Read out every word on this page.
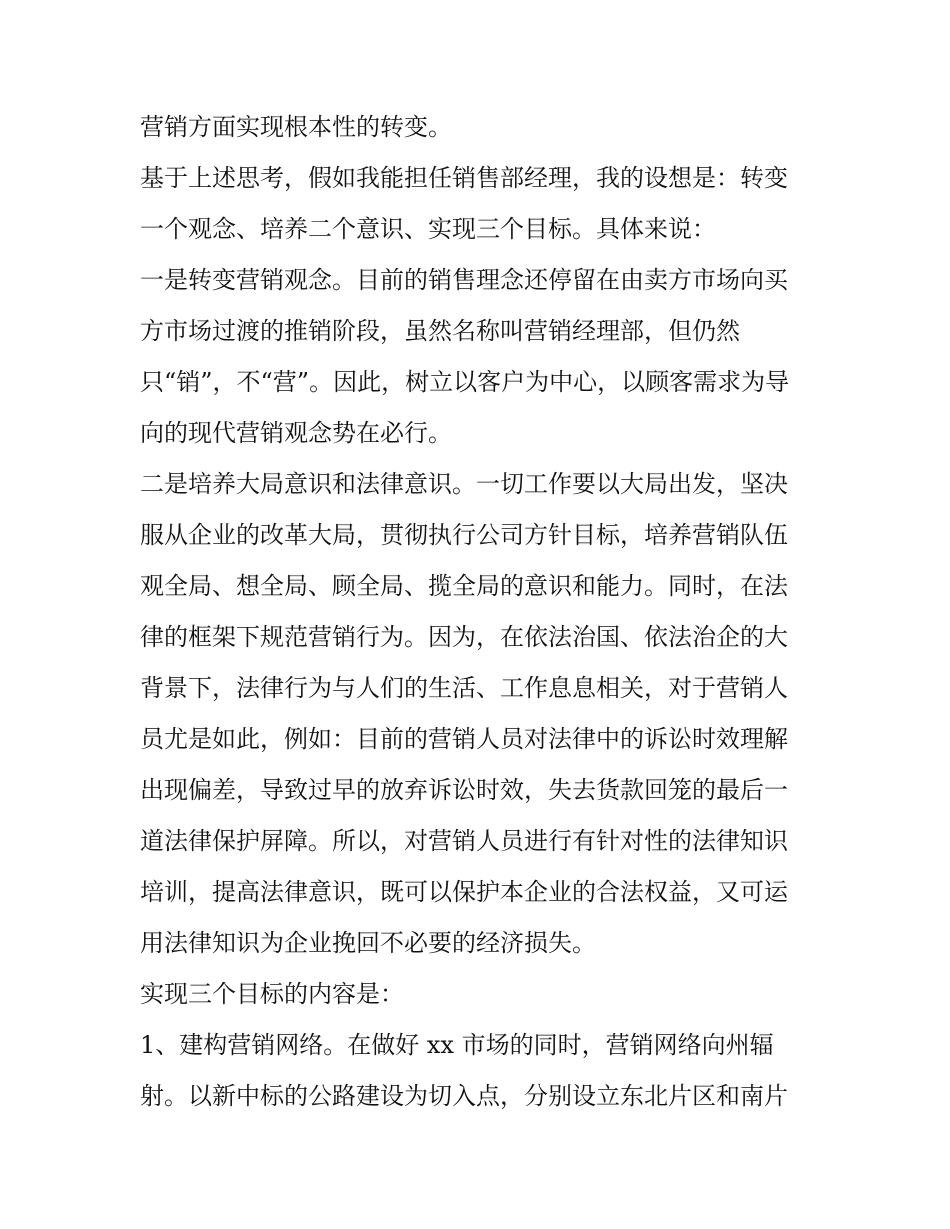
营销方面实现根本性的转变。

基于上述思考，假如我能担任销售部经理，我的设想是：转变

一个观念、培养二个意识、实现三个目标。具体来说：

一是转变营销观念。目前的销售理念还停留在由卖方市场向买

方市场过渡的推销阶段，虽然名称叫营销经理部，但仍然

只“销”，不“营”。因此，树立以客户为中心，以顾客需求为导

向的现代营销观念势在必行。

二是培养大局意识和法律意识。一切工作要以大局出发，坚决

服从企业的改革大局，贯彻执行公司方针目标，培养营销队伍

观全局、想全局、顾全局、揽全局的意识和能力。同时，在法

律的框架下规范营销行为。因为，在依法治国、依法治企的大

背景下，法律行为与人们的生活、工作息息相关，对于营销人

员尤是如此，例如：目前的营销人员对法律中的诉讼时效理解

出现偏差，导致过早的放弃诉讼时效，失去货款回笼的最后一

道法律保护屏障。所以，对营销人员进行有针对性的法律知识

培训，提高法律意识，既可以保护本企业的合法权益，又可运

用法律知识为企业挽回不必要的经济损失。

实现三个目标的内容是：

1、建构营销网络。在做好 xx 市场的同时，营销网络向州辐

射。以新中标的公路建设为切入点，分别设立东北片区和南片
